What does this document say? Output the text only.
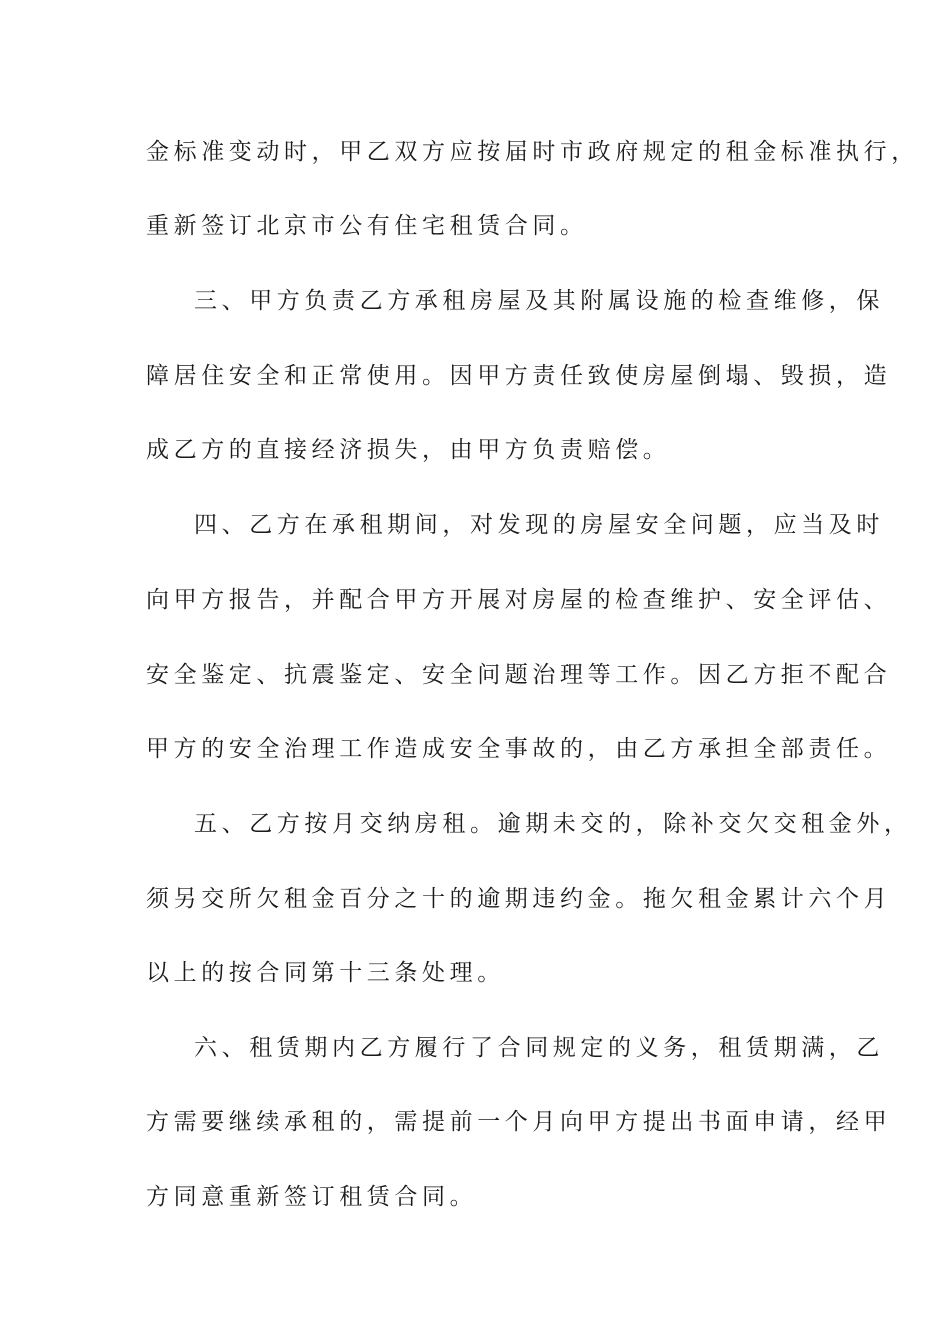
金标准变动时，甲乙双方应按届时市政府规定的租金标准执行，
重新签订北京市公有住宅租赁合同。
三、甲方负责乙方承租房屋及其附属设施的检查维修，保
障居住安全和正常使用。因甲方责任致使房屋倒塌、毁损，造
成乙方的直接经济损失，由甲方负责赔偿。
四、乙方在承租期间，对发现的房屋安全问题，应当及时
向甲方报告，并配合甲方开展对房屋的检查维护、安全评估、
安全鉴定、抗震鉴定、安全问题治理等工作。因乙方拒不配合
甲方的安全治理工作造成安全事故的，由乙方承担全部责任。
五、乙方按月交纳房租。逾期未交的，除补交欠交租金外，
须另交所欠租金百分之十的逾期违约金。拖欠租金累计六个月
以上的按合同第十三条处理。
六、租赁期内乙方履行了合同规定的义务，租赁期满，乙
方需要继续承租的，需提前一个月向甲方提出书面申请，经甲
方同意重新签订租赁合同。
